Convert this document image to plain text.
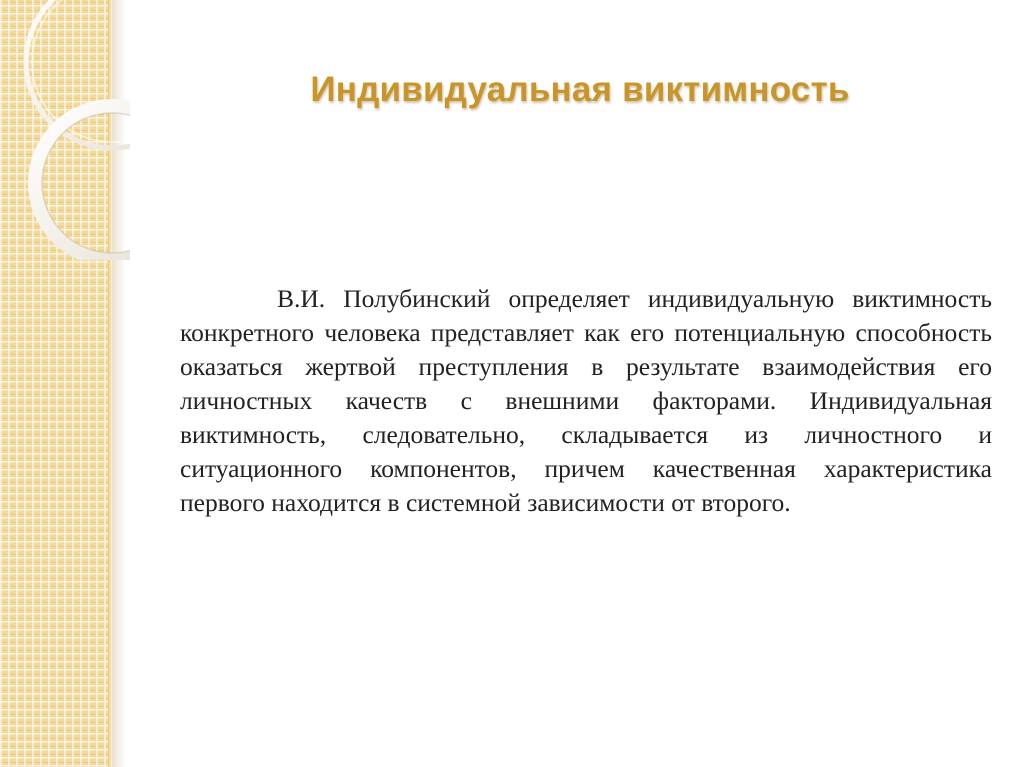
Индивидуальная виктимность

В.И. Полубинский определяет индивидуальную виктимность конкретного человека представляет как его потенциальную способность оказаться жертвой преступления в результате взаимодействия его личностных качеств с внешними факторами. Индивидуальная виктимность, следовательно, складывается из личностного и ситуационного компонентов, причем качественная характеристика первого находится в системной зависимости от второго.
